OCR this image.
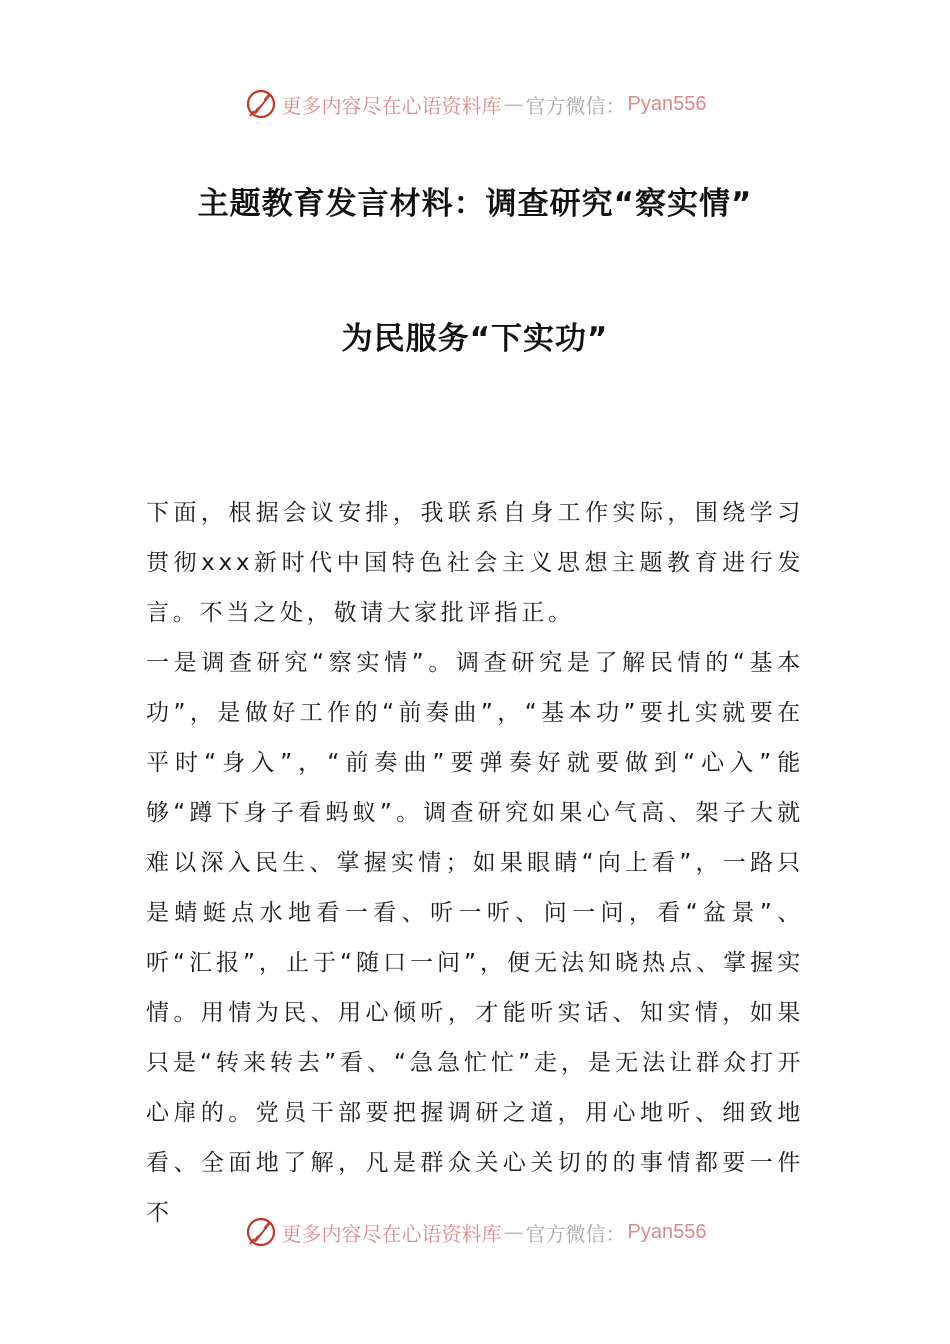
更多内容尽在心语资料库 — 官方微信： Pyan556
主题教育发言材料：调查研究“察实情”
为民服务“下实功”

下面，根据会议安排，我联系自身工作实际，围绕学习贯彻xxx新时代中国特色社会主义思想主题教育进行发言。不当之处，敬请大家批评指正。

一是调查研究“察实情”。调查研究是了解民情的“基本功”，是做好工作的“前奏曲”，“基本功”要扎实就要在平时“身入”，“前奏曲”要弹奏好就要做到“心入”能够“蹲下身子看蚂蚁”。调查研究如果心气高、架子大就难以深入民生、掌握实情；如果眼睛“向上看”，一路只是蜻蜓点水地看一看、听一听、问一问，看“盆景”、听“汇报”，止于“随口一问”，便无法知晓热点、掌握实情。用情为民、用心倾听，才能听实话、知实情，如果只是“转来转去”看、“急急忙忙”走，是无法让群众打开心扉的。党员干部要把握调研之道，用心地听、细致地看、全面地了解，凡是群众关心关切的的事情都要一件不

更多内容尽在心语资料库 — 官方微信： Pyan556
